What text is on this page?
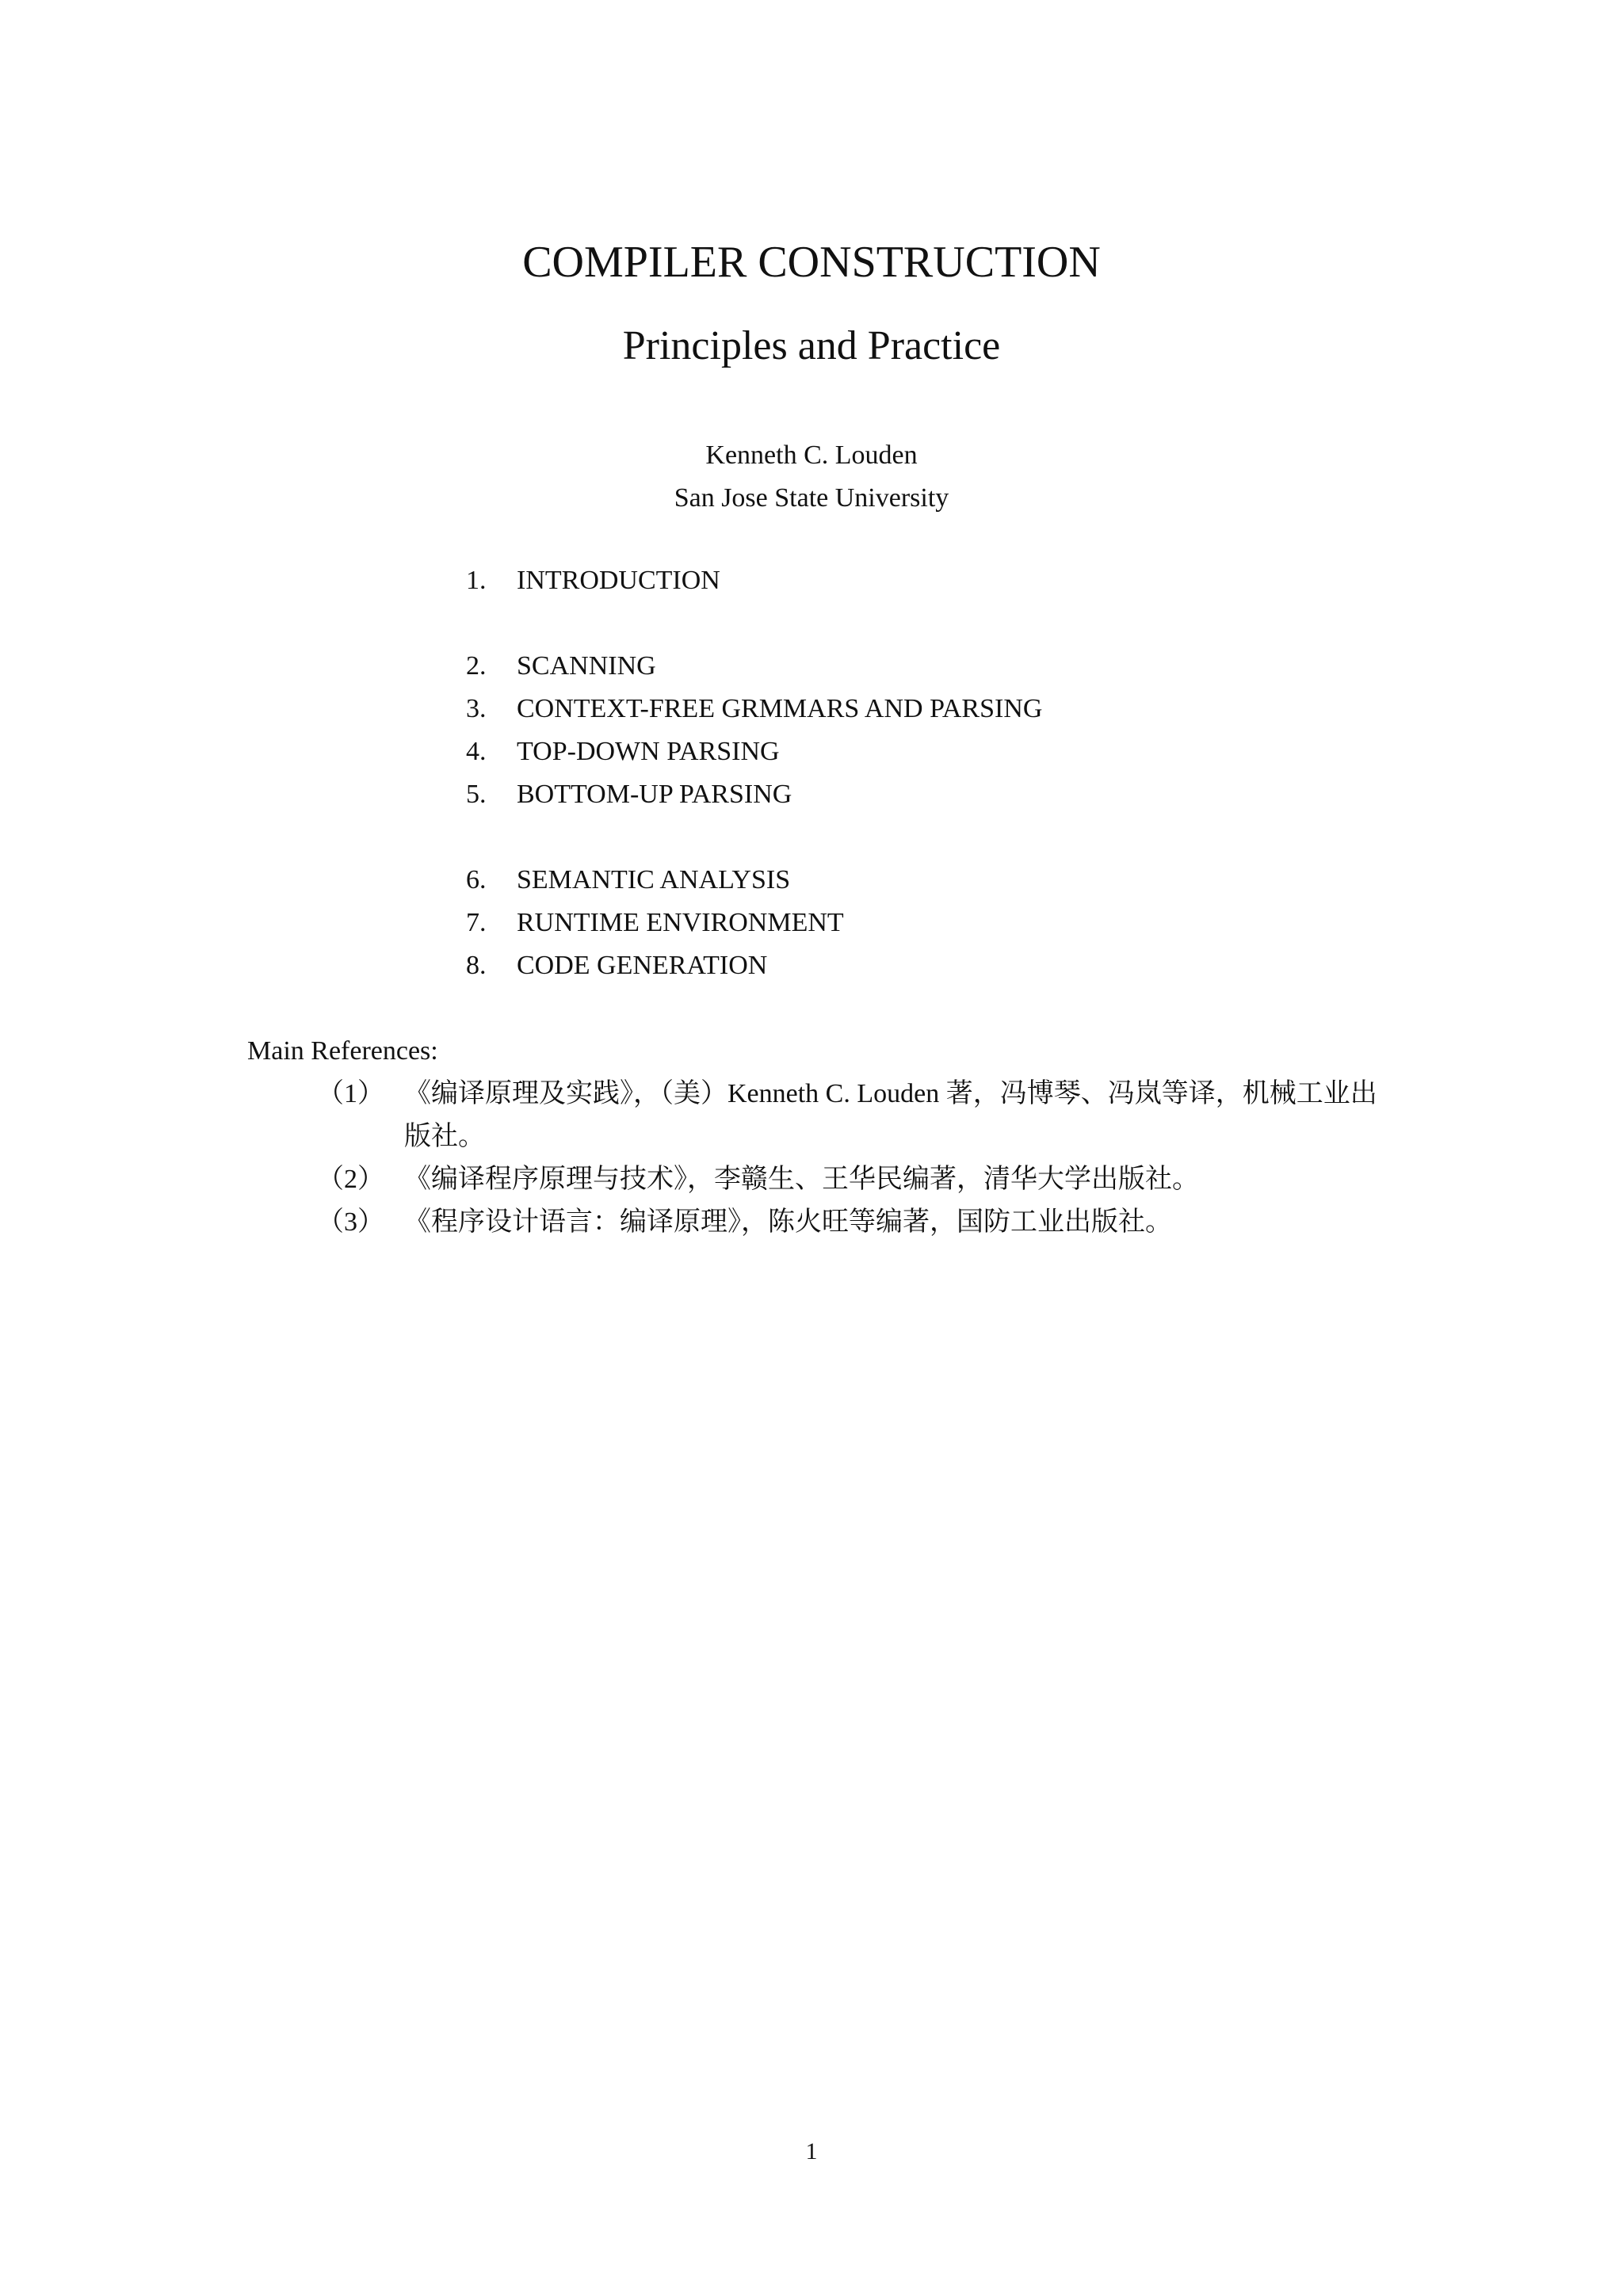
COMPILER CONSTRUCTION
Principles and Practice
Kenneth C. Louden
San Jose State University
1.	INTRODUCTION
2.	SCANNING
3.	CONTEXT-FREE GRMMARS AND PARSING
4.	TOP-DOWN PARSING
5.	BOTTOM-UP PARSING
6.	SEMANTIC ANALYSIS
7.	RUNTIME ENVIRONMENT
8.	CODE GENERATION
Main References:
（1） 《编译原理及实践》，（美）Kenneth C. Louden 著，冯博琴、冯岚等译，机械工业出版社。
（2） 《编译程序原理与技术》，李赣生、王华民编著，清华大学出版社。
（3） 《程序设计语言：编译原理》，陈火旺等编著，国防工业出版社。
1
